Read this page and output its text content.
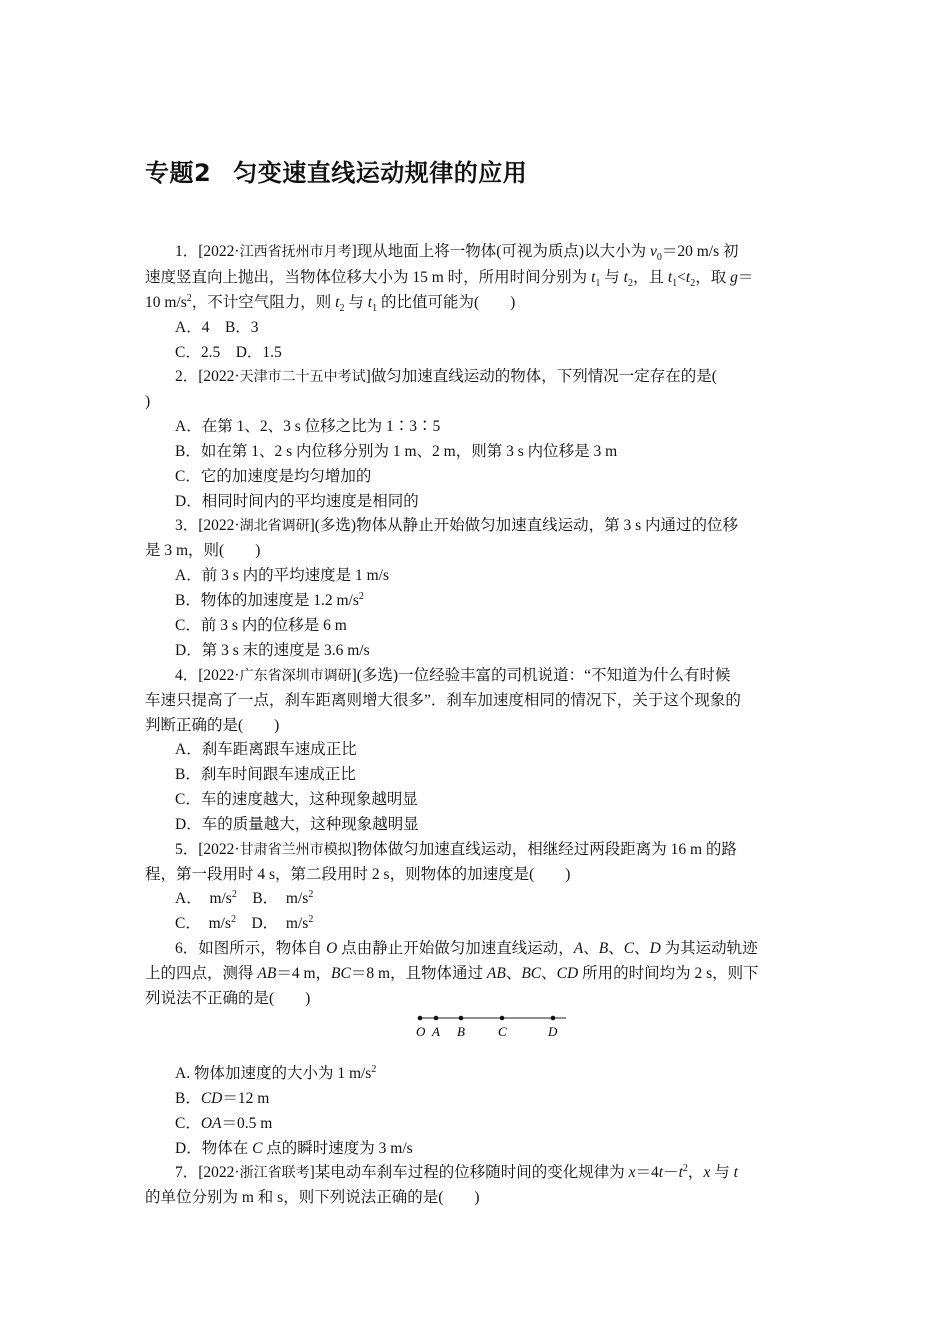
专题2 匀变速直线运动规律的应用
1．[2022·江西省抚州市月考]现从地面上将一物体(可视为质点)以大小为 $v_0=20$ m/s 初
速度竖直向上抛出，当物体位移大小为 15 m 时，所用时间分别为 $t_1$ 与 $t_2$，且 $t_1<t_2$，取 g＝
10 $m/s^2$，不计空气阻力，则 $t_2$ 与 $t_1$ 的比值可能为(　　)
A．4　B．3
C．2.5　D．1.5
2．[2022·天津市二十五中考试]做匀加速直线运动的物体，下列情况一定存在的是(
)
A．在第 1、2、3 s 位移之比为 1∶3∶5
B．如在第 1、2 s 内位移分别为 1 m、2 m，则第 3 s 内位移是 3 m
C．它的加速度是均匀增加的
D．相同时间内的平均速度是相同的
3．[2022·湖北省调研](多选)物体从静止开始做匀加速直线运动，第 3 s 内通过的位移
是 3 m，则(　　)
A．前 3 s 内的平均速度是 1 m/s
B．物体的加速度是 1.2 $m/s^2$
C．前 3 s 内的位移是 6 m
D．第 3 s 末的速度是 3.6 m/s
4．[2022·广东省深圳市调研](多选)一位经验丰富的司机说道：“不知道为什么有时候
车速只提高了一点，刹车距离则增大很多”．刹车加速度相同的情况下，关于这个现象的
判断正确的是(　　)
A．刹车距离跟车速成正比
B．刹车时间跟车速成正比
C．车的速度越大，这种现象越明显
D．车的质量越大，这种现象越明显
5．[2022·甘肃省兰州市模拟]物体做匀加速直线运动，相继经过两段距离为 16 m 的路
程，第一段用时 4 s，第二段用时 2 s，则物体的加速度是(　　)
A．　$m/s^2$　B．　$m/s^2$
C．　$m/s^2$　D．　$m/s^2$
6．如图所示，物体自 O 点由静止开始做匀加速直线运动，A、B、C、D 为其运动轨迹
上的四点，测得 AB＝4 m，BC＝8 m，且物体通过 AB、BC、CD 所用的时间均为 2 s，则下
列说法不正确的是(　　)
O A B	C	D
A. 物体加速度的大小为 1 $m/s^2$
B．CD＝12 m
C．OA＝0.5 m
D．物体在 C 点的瞬时速度为 3 m/s
7．[2022·浙江省联考]某电动车刹车过程的位移随时间的变化规律为 $x=4t-t^2$，x 与 t
的单位分别为 m 和 s，则下列说法正确的是(　　)
